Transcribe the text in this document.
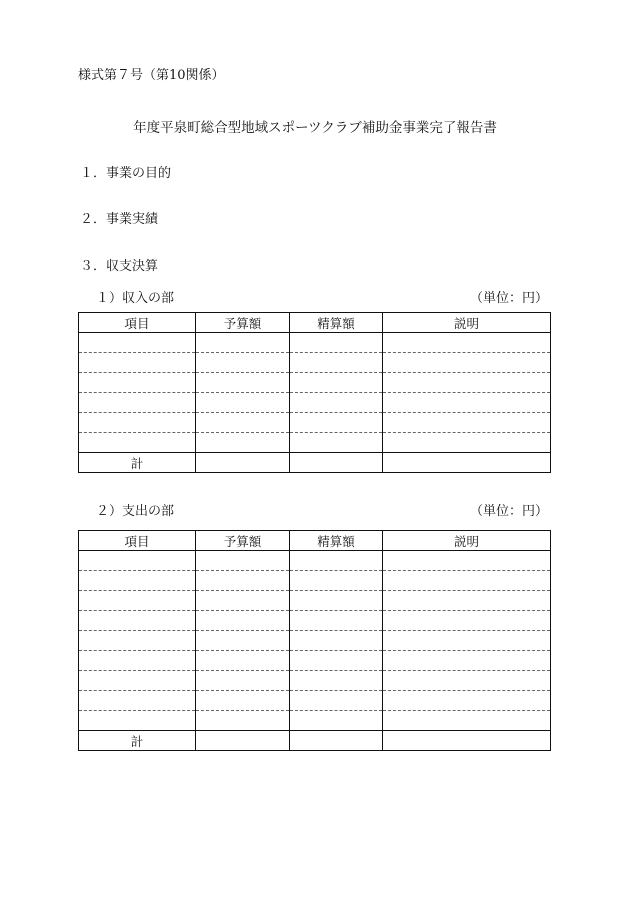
様式第７号（第10関係）
年度平泉町総合型地域スポーツクラブ補助金事業完了報告書
１．事業の目的
２．事業実績
３．収支決算
１）収入の部	（単位：円）
項目	予算額	精算額	説明

計			
２）支出の部	（単位：円）
項目	予算額	精算額	説明

計			
